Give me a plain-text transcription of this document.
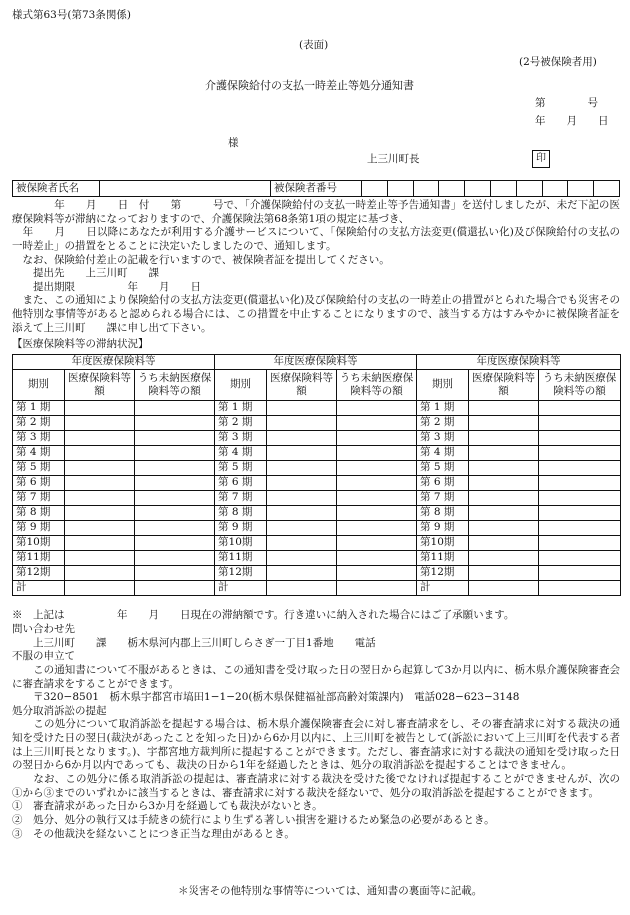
様式第63号(第73条関係)
(表面)
(2号被保険者用)
介護保険給付の支払一時差止等処分通知書
第　　　　号
年　　月　　日
様
上三川町長	印
被保険者氏名		被保険者番号										

　　　　年　　月　　日　付　　第　　　号で、「介護保険給付の支払一時差止等予告通知書」を送付しましたが、未だ下記の医療保険料等が滞納になっておりますので、介護保険法第68条第1項の規定に基づき、

　年　　月　　日以降にあなたが利用する介護サービスについて、「保険給付の支払方法変更(償還払い化)及び保険給付の支払の一時差止」の措置をとることに決定いたしましたので、通知します。

　なお、保険給付差止の記載を行いますので、被保険者証を提出してください。

　　提出先　　上三川町　　課

　　提出期限　　　　　年　　月　　日

　また、この通知により保険給付の支払方法変更(償還払い化)及び保険給付の支払の一時差止の措置がとられた場合でも災害その他特別な事情等があると認められる場合には、この措置を中止することになりますので、該当する方はすみやかに被保険者証を添えて上三川町　　課に申し出て下さい。

【医療保険料等の滞納状況】
年度医療保険料等			年度医療保険料等			年度医療保険料等		
期別	医療保険料等額	うち未納医療保険料等の額	期別	医療保険料等額	うち未納医療保険料等の額	期別	医療保険料等額	うち未納医療保険料等の額
第 1 期			第 1 期			第 1 期		
第 2 期			第 2 期			第 2 期		
第 3 期			第 3 期			第 3 期		
第 4 期			第 4 期			第 4 期		
第 5 期			第 5 期			第 5 期		
第 6 期			第 6 期			第 6 期		
第 7 期			第 7 期			第 7 期		
第 8 期			第 8 期			第 8 期		
第 9 期			第 9 期			第 9 期		
第10期			第10期			第10期		
第11期			第11期			第11期		
第12期			第12期			第12期		
計			計			計		
※　上記は　　　　　年　　月　　日現在の滞納額です。行き違いに納入された場合にはご了承願います。

問い合わせ先

　　上三川町　　課　　栃木県河内郡上三川町しらさぎ一丁目1番地　　電話

不服の申立て

　　この通知書について不服があるときは、この通知書を受け取った日の翌日から起算して3か月以内に、栃木県介護保険審査会に審査請求をすることができます。

　　〒320−8501　栃木県宇都宮市塙田1−1−20(栃木県保健福祉部高齢対策課内)　電話028−623−3148

処分取消訴訟の提起

　　この処分について取消訴訟を提起する場合は、栃木県介護保険審査会に対し審査請求をし、その審査請求に対する裁決の通知を受けた日の翌日(裁決があったことを知った日)から6か月以内に、上三川町を被告として(訴訟において上三川町を代表する者は上三川町長となります。)、宇都宮地方裁判所に提起することができます。ただし、審査請求に対する裁決の通知を受け取った日の翌日から6か月以内であっても、裁決の日から1年を経過したときは、処分の取消訴訟を提起することはできません。

　　なお、この処分に係る取消訴訟の提起は、審査請求に対する裁決を受けた後でなければ提起することができませんが、次の①から③までのいずれかに該当するときは、審査請求に対する裁決を経ないで、処分の取消訴訟を提起することができます。

①　審査請求があった日から3か月を経過しても裁決がないとき。

②　処分、処分の執行又は手続きの続行により生ずる著しい損害を避けるため緊急の必要があるとき。

③　その他裁決を経ないことにつき正当な理由があるとき。

＊災害その他特別な事情等については、通知書の裏面等に記載。
